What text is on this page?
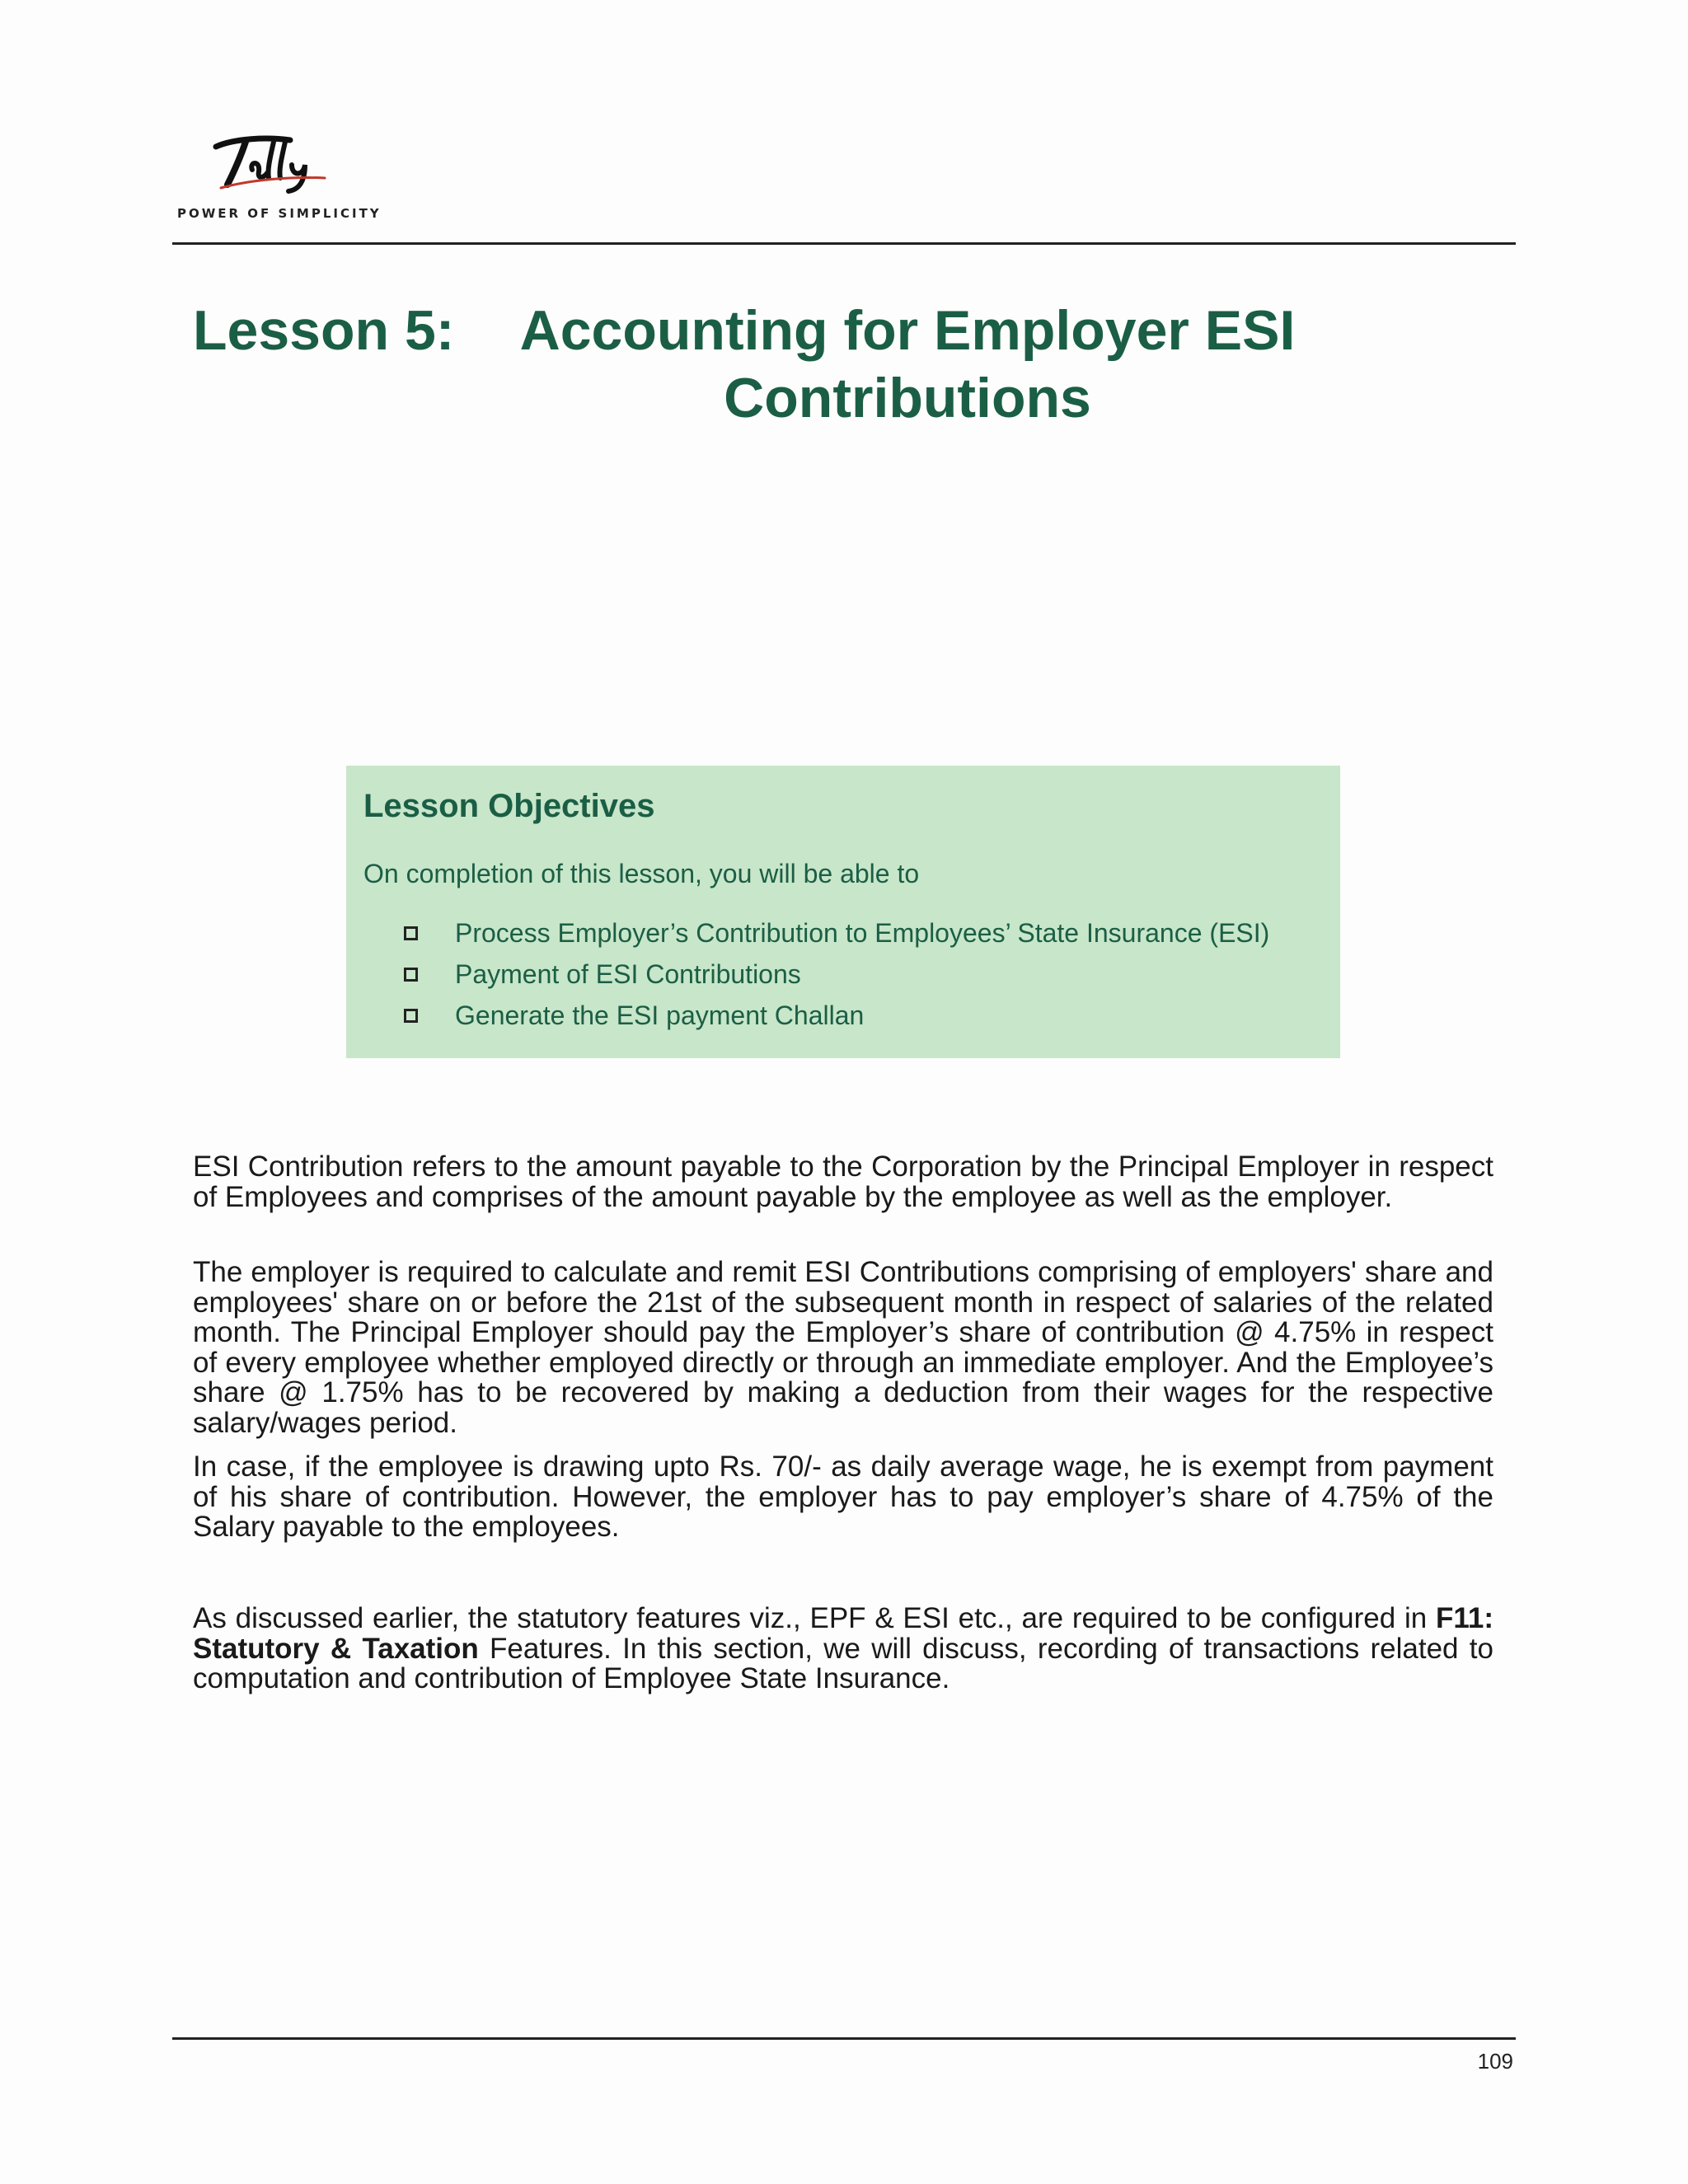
POWER OF SIMPLICITY
Lesson 5:	Accounting for Employer ESI Contributions
Lesson Objectives
On completion of this lesson, you will be able to
Process Employer’s Contribution to Employees’ State Insurance (ESI)
Payment of ESI Contributions
Generate the ESI payment Challan

ESI Contribution refers to the amount payable to the Corporation by the Principal Employer in respect of Employees and comprises of the amount payable by the employee as well as the employer.

The employer is required to calculate and remit ESI Contributions comprising of employers' share and employees' share on or before the 21st of the subsequent month in respect of salaries of the related month. The Principal Employer should pay the Employer’s share of contribution @ 4.75% in respect of every employee whether employed directly or through an immediate employer. And the Employee’s share @ 1.75% has to be recovered by making a deduction from their wages for the respective salary/wages period.

In case, if the employee is drawing upto Rs. 70/- as daily average wage, he is exempt from payment of his share of contribution. However, the employer has to pay employer’s share of 4.75% of the Salary payable to the employees.

As discussed earlier, the statutory features viz., EPF & ESI etc., are required to be configured in F11: Statutory & Taxation Features. In this section, we will discuss, recording of transactions related to computation and contribution of Employee State Insurance.

109
